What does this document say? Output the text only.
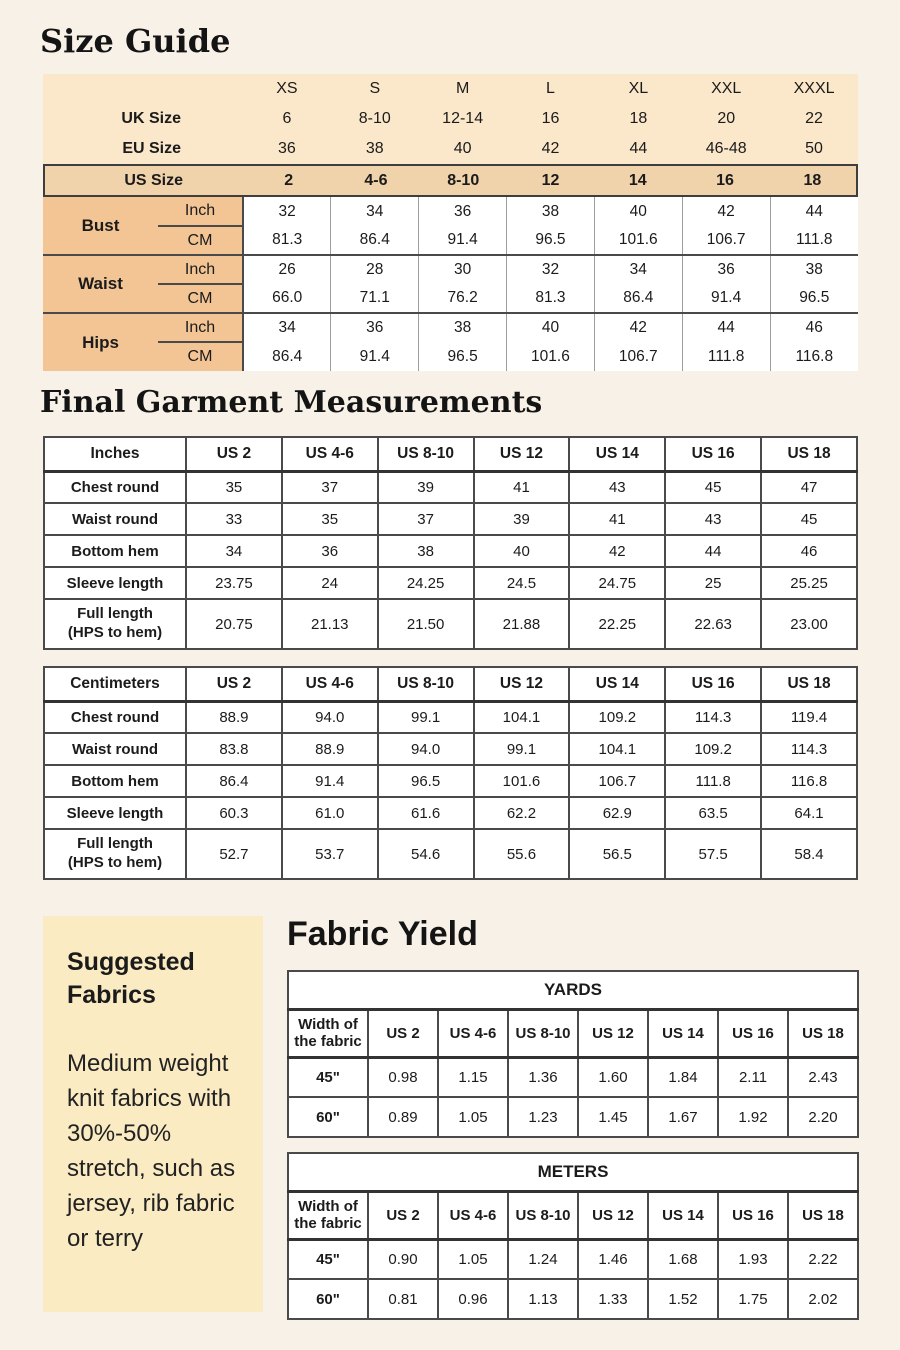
Size Guide
XS	S	M	L	XL	XXL	XXXL
UK Size	6	8-10	12-14	16	18	20	22
EU Size	36	38	40	42	44	46-48	50
US Size	2	4-6	8-10	12	14	16	18
Bust	Inch	32	34	36	38	40	42	44
	CM	81.3	86.4	91.4	96.5	101.6	106.7	111.8
Waist	Inch	26	28	30	32	34	36	38
	CM	66.0	71.1	76.2	81.3	86.4	91.4	96.5
Hips	Inch	34	36	38	40	42	44	46
	CM	86.4	91.4	96.5	101.6	106.7	111.8	116.8
Final Garment Measurements
Inches	US 2	US 4-6	US 8-10	US 12	US 14	US 16	US 18
Chest round	35	37	39	41	43	45	47
Waist round	33	35	37	39	41	43	45
Bottom hem	34	36	38	40	42	44	46
Sleeve length	23.75	24	24.25	24.5	24.75	25	25.25

Full length
(HPS to hem)	20.75	21.13	21.50	21.88	22.25	22.63	23.00
Centimeters	US 2	US 4-6	US 8-10	US 12	US 14	US 16	US 18
Chest round	88.9	94.0	99.1	104.1	109.2	114.3	119.4
Waist round	83.8	88.9	94.0	99.1	104.1	109.2	114.3
Bottom hem	86.4	91.4	96.5	101.6	106.7	111.8	116.8
Sleeve length	60.3	61.0	61.6	62.2	62.9	63.5	64.1

Full length
(HPS to hem)	52.7	53.7	54.6	55.6	56.5	57.5	58.4
Suggested Fabrics

Medium weight knit fabrics with 30%-50% stretch, such as jersey, rib fabric or terry

Fabric Yield
YARDS							
Width of the fabric	US 2	US 4-6	US 8-10	US 12	US 14	US 16	US 18
45"	0.98	1.15	1.36	1.60	1.84	2.11	2.43
60"	0.89	1.05	1.23	1.45	1.67	1.92	2.20
METERS							
Width of the fabric	US 2	US 4-6	US 8-10	US 12	US 14	US 16	US 18
45"	0.90	1.05	1.24	1.46	1.68	1.93	2.22
60"	0.81	0.96	1.13	1.33	1.52	1.75	2.02
